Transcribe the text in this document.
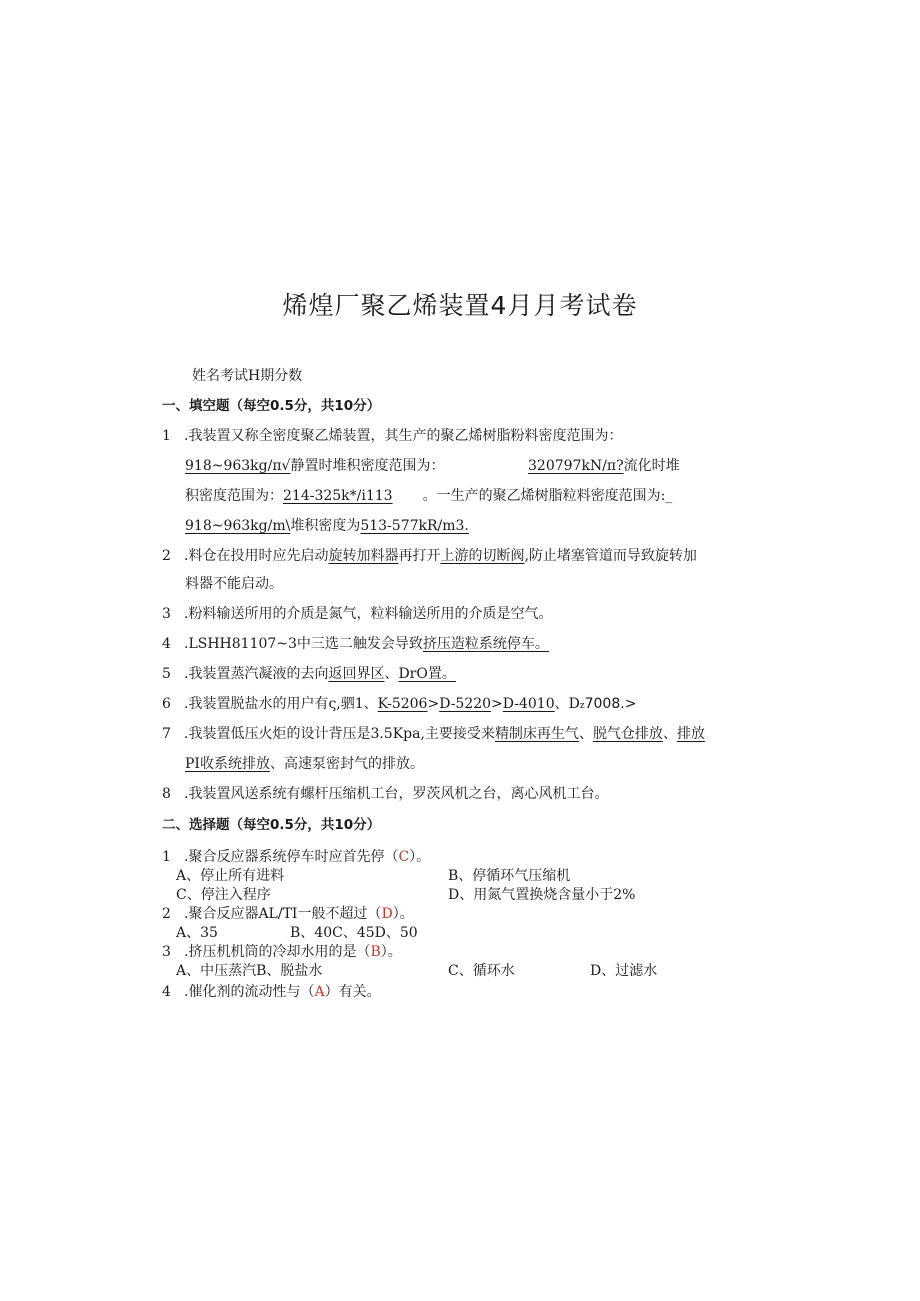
烯煌厂聚乙烯装置4月月考试卷
姓名考试H期分数
一、填空题（每空0.5分，共10分）
1 .我装置又称全密度聚乙烯装置，其生产的聚乙烯树脂粉料密度范围为：
918~963kg/π√静置时堆积密度范围为：	320797kN/π?流化时堆
积密度范围为：214-325k*/i113 。一生产的聚乙烯树脂粒料密度范围为:_
918~963kg/m\堆积密度为513-577kR/m3.
2 .料仓在投用时应先启动旋转加料器再打开上游的切断阀,防止堵塞管道而导致旋转加
料器不能启动。
3 .粉料输送所用的介质是氮气，粒料输送所用的介质是空气。
4 .LSHH81107~3中三选二触发会导致挤压造粒系统停车。
5 .我装置蒸汽凝液的去向返回界区、DrO置。
6 .我装置脱盐水的用户有ς,驷1、K-5206>D-5220>D-4010、Dz7008.>
7 .我装置低压火炬的设计背压是3.5Kpa,主要接受来精制床再生气、脱气仓排放、排放
PI收系统排放、高速泵密封气的排放。
8 .我装置风送系统有螺杆压缩机工台，罗茨风机之台，离心风机工台。
二、选择题（每空0.5分，共10分）
1 .聚合反应器系统停车时应首先停（C）。
A、停止所有进料	B、停循环气压缩机
C、停注入程序	D、用氮气置换烧含量小于2%
2 .聚合反应器AL/TI一般不超过（D）。
A、35	B、40C、45D、50
3 .挤压机机筒的冷却水用的是（B）。
A、中压蒸汽B、脱盐水	C、循环水	D、过滤水
4 .催化剂的流动性与（A）有关。
